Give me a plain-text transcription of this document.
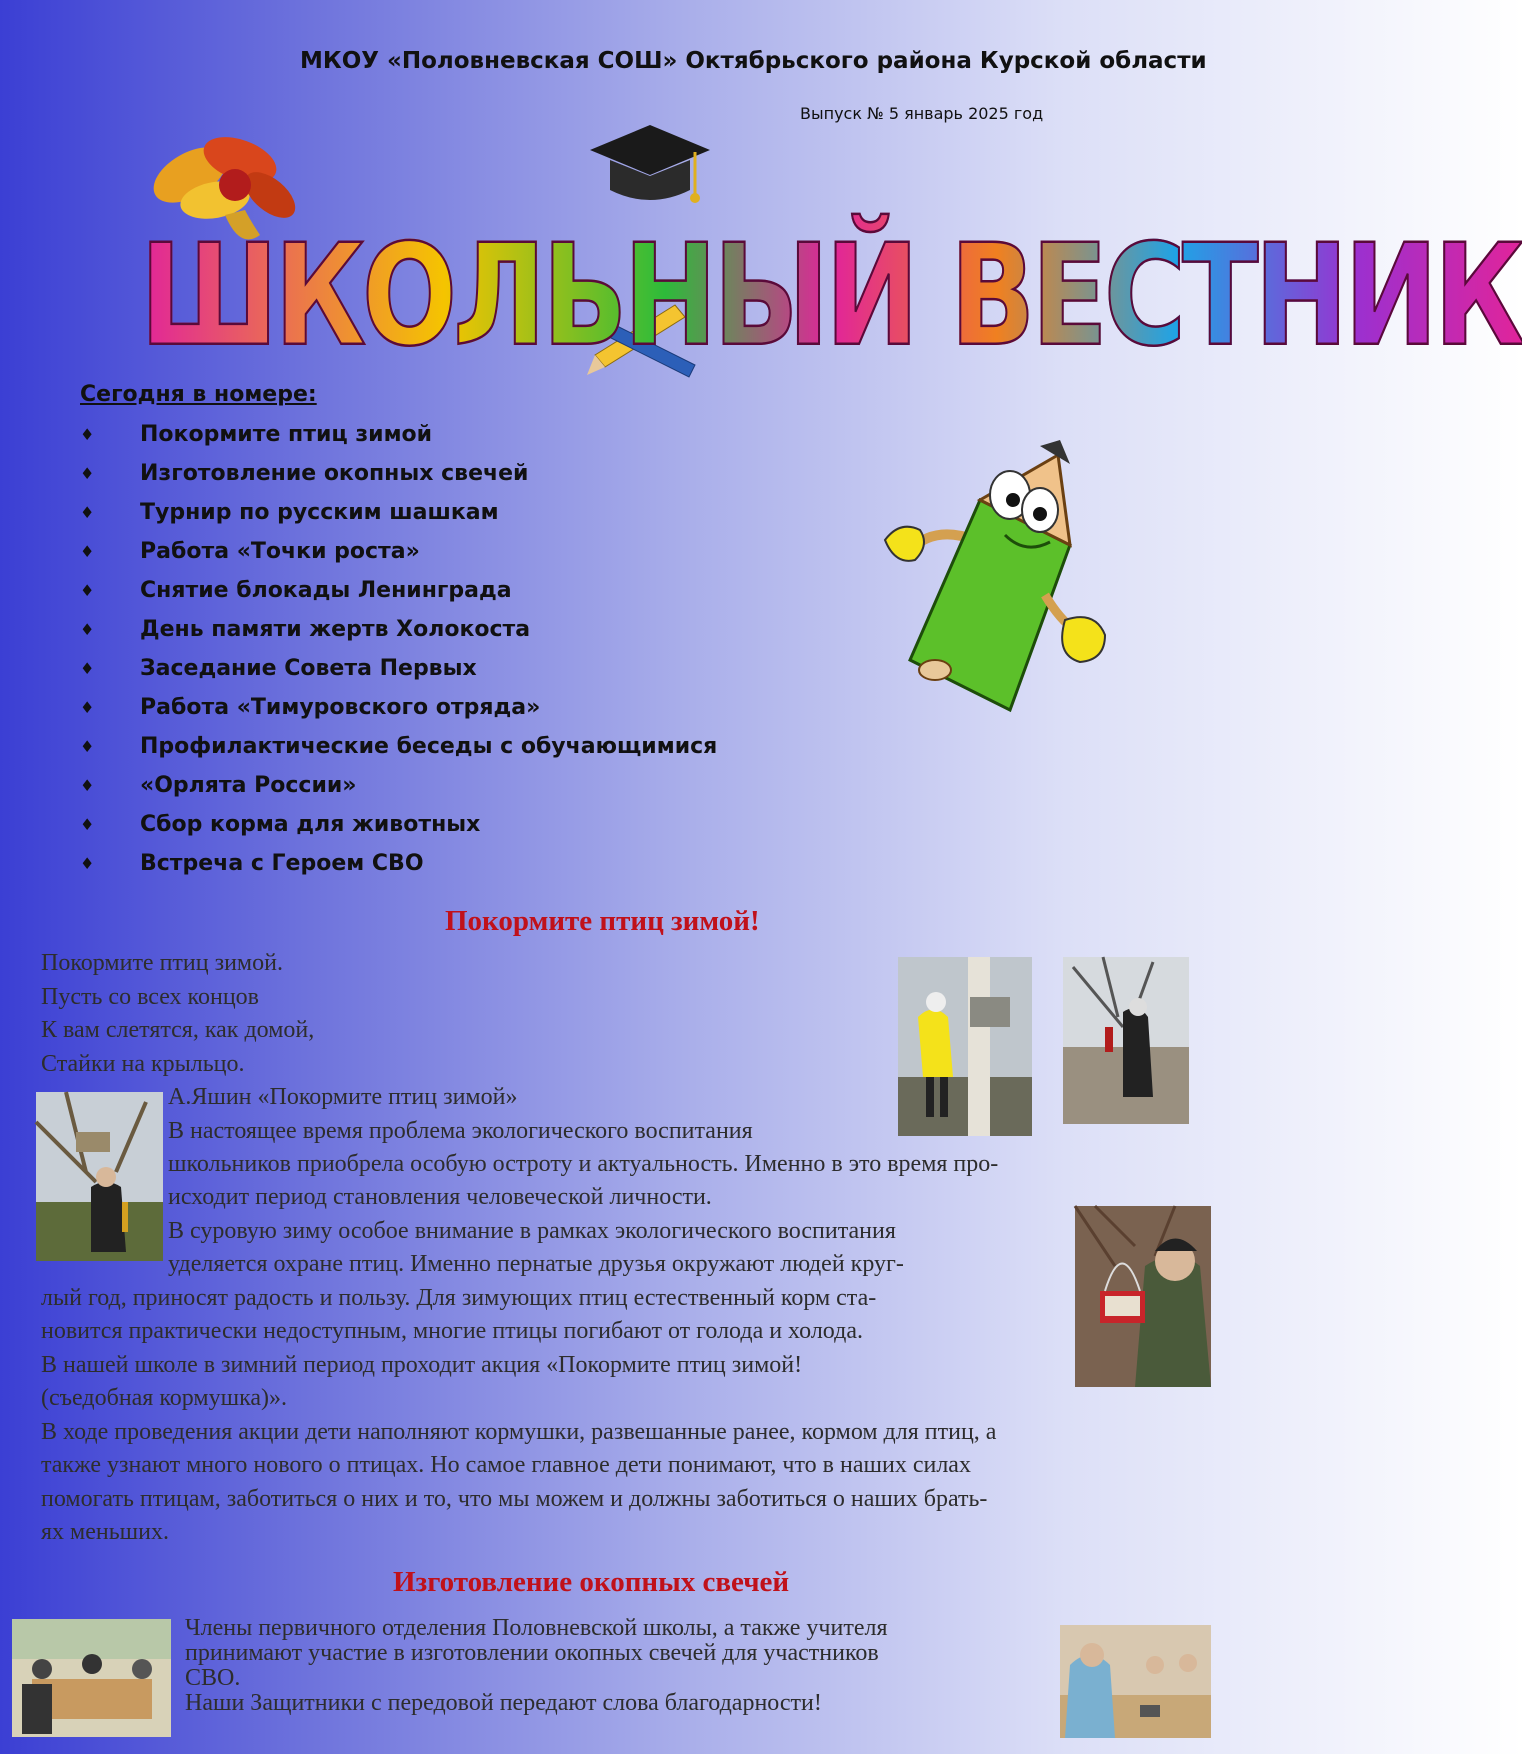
МКОУ «Половневская СОШ» Октябрьского района Курской области
Выпуск № 5 январь 2025 год
ШКОЛЬНЫЙ ВЕСТНИК
Сегодня в номере:
♦ Покормите птиц зимой
♦ Изготовление окопных свечей
♦ Турнир по русским шашкам
♦ Работа «Точки роста»
♦ Снятие блокады Ленинграда
♦ День памяти жертв Холокоста
♦ Заседание Совета Первых
♦ Работа «Тимуровского отряда»
♦ Профилактические беседы с обучающимися
♦ «Орлята России»
♦ Сбор корма для животных
♦ Встреча с Героем СВО
Покормите птиц зимой!
Покормите птиц зимой.
Пусть со всех концов
К вам слетятся, как домой,
Стайки на крыльцо.
А.Яшин «Покормите птиц зимой»
В настоящее время проблема экологического воспитания
школьников приобрела особую остроту и актуальность. Именно в это время про-
исходит период становления человеческой личности.
В суровую зиму особое внимание в рамках экологического воспитания
уделяется охране птиц. Именно пернатые друзья окружают людей круг-
лый год, приносят радость и пользу. Для зимующих птиц естественный корм ста-
новится практически недоступным, многие птицы погибают от голода и холода.
В нашей школе в зимний период проходит акция «Покормите птиц зимой!
(съедобная кормушка)».
В ходе проведения акции дети наполняют кормушки, развешанные ранее, кормом для птиц, а
также узнают много нового о птицах. Но самое главное дети понимают, что в наших силах
помогать птицам, заботиться о них и то, что мы можем и должны заботиться о наших брать-
ях меньших.
Изготовление окопных свечей
Члены первичного отделения Половневской школы, а также учителя
принимают участие в изготовлении окопных свечей для участников
СВО.
Наши Защитники с передовой передают слова благодарности!
